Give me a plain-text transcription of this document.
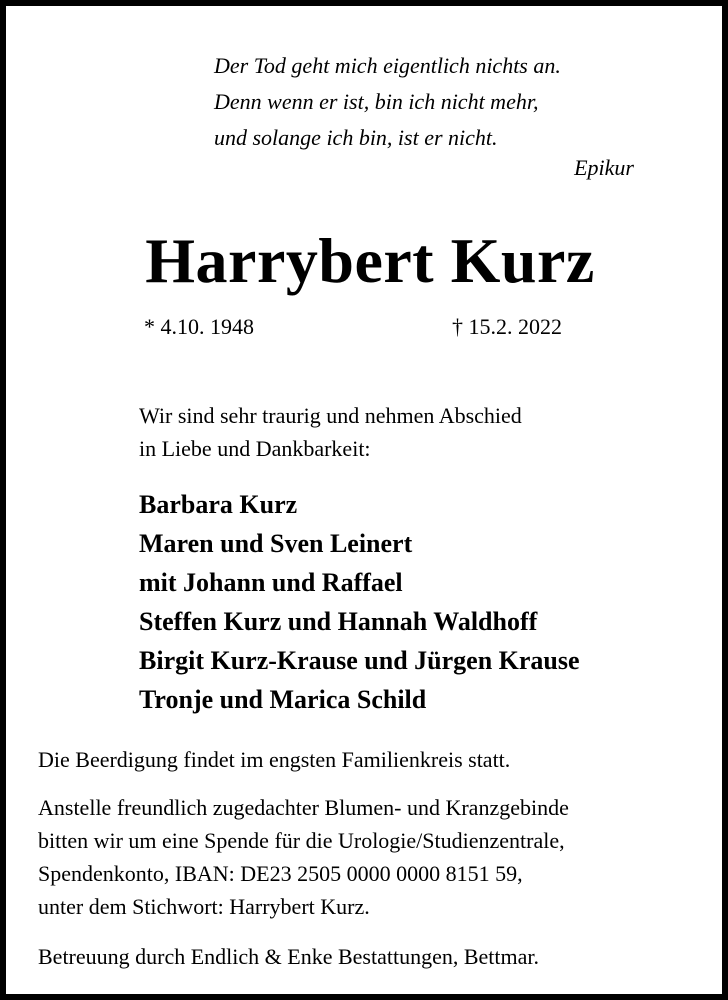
Der Tod geht mich eigentlich nichts an.
Denn wenn er ist, bin ich nicht mehr,
und solange ich bin, ist er nicht.
Epikur
Harrybert Kurz
* 4.10. 1948	† 15.2. 2022
Wir sind sehr traurig und nehmen Abschied
in Liebe und Dankbarkeit:
Barbara Kurz
Maren und Sven Leinert
mit Johann und Raffael
Steffen Kurz und Hannah Waldhoff
Birgit Kurz-Krause und Jürgen Krause
Tronje und Marica Schild
Die Beerdigung findet im engsten Familienkreis statt.
Anstelle freundlich zugedachter Blumen- und Kranzgebinde
bitten wir um eine Spende für die Urologie/Studienzentrale,
Spendenkonto, IBAN: DE23 2505 0000 0000 8151 59,
unter dem Stichwort: Harrybert Kurz.
Betreuung durch Endlich & Enke Bestattungen, Bettmar.
